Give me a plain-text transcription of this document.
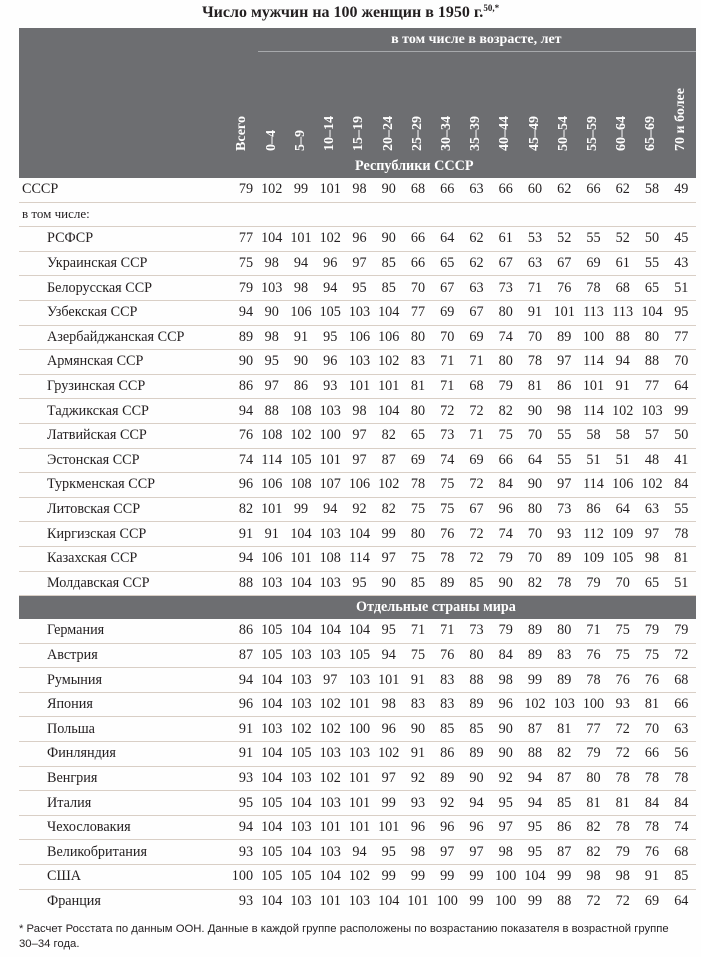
Число мужчин на 100 женщин в 1950 г.$^{50,*}$

	Всего	в том числе в возрасте, лет														

		0–4	5–9	10–14	15–19	20–24	25–29	30–34	35–39	40–44	45–49	50–54	55–59	60–64	65–69	70 и более
Республики СССР																
СССР	79	102	99	101	98	90	68	66	63	66	60	62	66	62	58	49
в том числе:																
РСФСР	77	104	101	102	96	90	66	64	62	61	53	52	55	52	50	45
Украинская ССР	75	98	94	96	97	85	66	65	62	67	63	67	69	61	55	43
Белорусская ССР	79	103	98	94	95	85	70	67	63	73	71	76	78	68	65	51
Узбекская ССР	94	90	106	105	103	104	77	69	67	80	91	101	113	113	104	95
Азербайджанская ССР	89	98	91	95	106	106	80	70	69	74	70	89	100	88	80	77
Армянская ССР	90	95	90	96	103	102	83	71	71	80	78	97	114	94	88	70
Грузинская ССР	86	97	86	93	101	101	81	71	68	79	81	86	101	91	77	64
Таджикская ССР	94	88	108	103	98	104	80	72	72	82	90	98	114	102	103	99
Латвийская ССР	76	108	102	100	97	82	65	73	71	75	70	55	58	58	57	50
Эстонская ССР	74	114	105	101	97	87	69	74	69	66	64	55	51	51	48	41
Туркменская ССР	96	106	108	107	106	102	78	75	72	84	90	97	114	106	102	84
Литовская ССР	82	101	99	94	92	82	75	75	67	96	80	73	86	64	63	55
Киргизская ССР	91	91	104	103	104	99	80	76	72	74	70	93	112	109	97	78
Казахская ССР	94	106	101	108	114	97	75	78	72	79	70	89	109	105	98	81
Молдавская ССР	88	103	104	103	95	90	85	89	85	90	82	78	79	70	65	51
Отдельные страны мира																
Германия	86	105	104	104	104	95	71	71	73	79	89	80	71	75	79	79
Австрия	87	105	103	103	105	94	75	76	80	84	89	83	76	75	75	72
Румыния	94	104	103	97	103	101	91	83	88	98	99	89	78	76	76	68
Япония	96	104	103	102	101	98	83	83	89	96	102	103	100	93	81	66
Польша	91	103	102	102	100	96	90	85	85	90	87	81	77	72	70	63
Финляндия	91	104	105	103	103	102	91	86	89	90	88	82	79	72	66	56
Венгрия	93	104	103	102	101	97	92	89	90	92	94	87	80	78	78	78
Италия	95	105	104	103	101	99	93	92	94	95	94	85	81	81	84	84
Чехословакия	94	104	103	101	101	101	96	96	96	97	95	86	82	78	78	74
Великобритания	93	105	104	103	94	95	98	97	97	98	95	87	82	79	76	68
США	100	105	105	104	102	99	99	99	99	100	104	99	98	98	91	85
Франция	93	104	103	101	103	104	101	100	99	100	99	88	72	72	69	64
* Расчет Росстата по данным ООН. Данные в каждой группе расположены по возрастанию показателя в возрастной группе 30–34 года.
